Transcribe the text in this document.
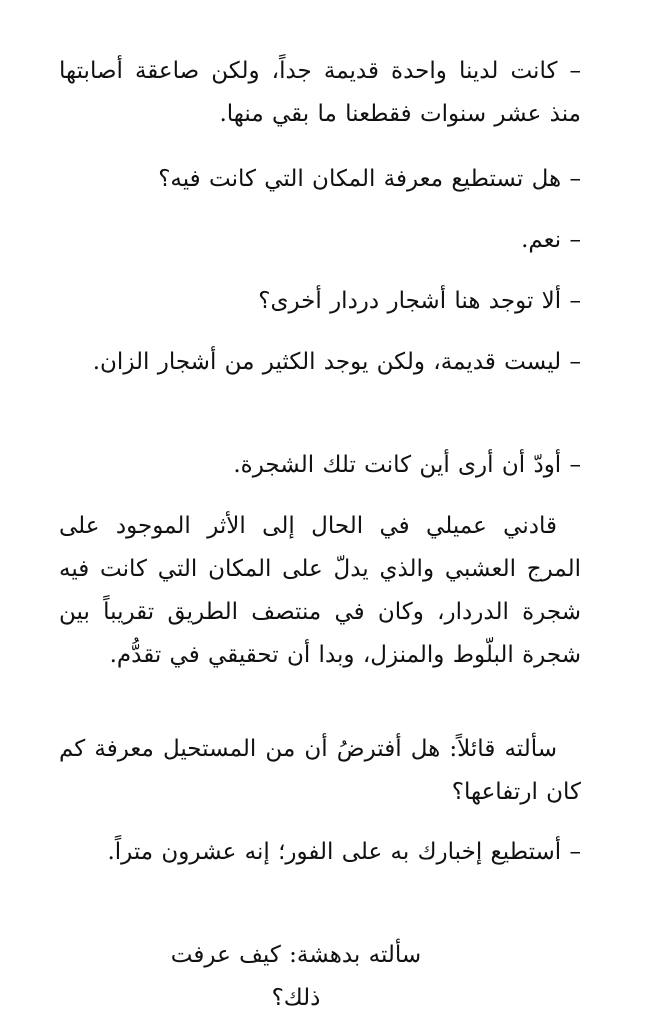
– كانت لدينا واحدة قديمة جداً، ولكن صاعقة أصابتها منذ عشر سنوات فقطعنا ما بقي منها.

– هل تستطيع معرفة المكان التي كانت فيه؟

– نعم.

– ألا توجد هنا أشجار دردار أخرى؟

– ليست قديمة، ولكن يوجد الكثير من أشجار الزان.

– أودّ أن أرى أين كانت تلك الشجرة.

قادني عميلي في الحال إلى الأثر الموجود على المرج العشبي والذي يدلّ على المكان التي كانت فيه شجرة الدردار، وكان في منتصف الطريق تقريباً بين شجرة البلّوط والمنزل، وبدا أن تحقيقي في تقدُّم.

سألته قائلاً: هل أفترضُ أن من المستحيل معرفة كم كان ارتفاعها؟

– أستطيع إخبارك به على الفور؛ إنه عشرون متراً.

سألته بدهشة: كيف عرفت ذلك؟
